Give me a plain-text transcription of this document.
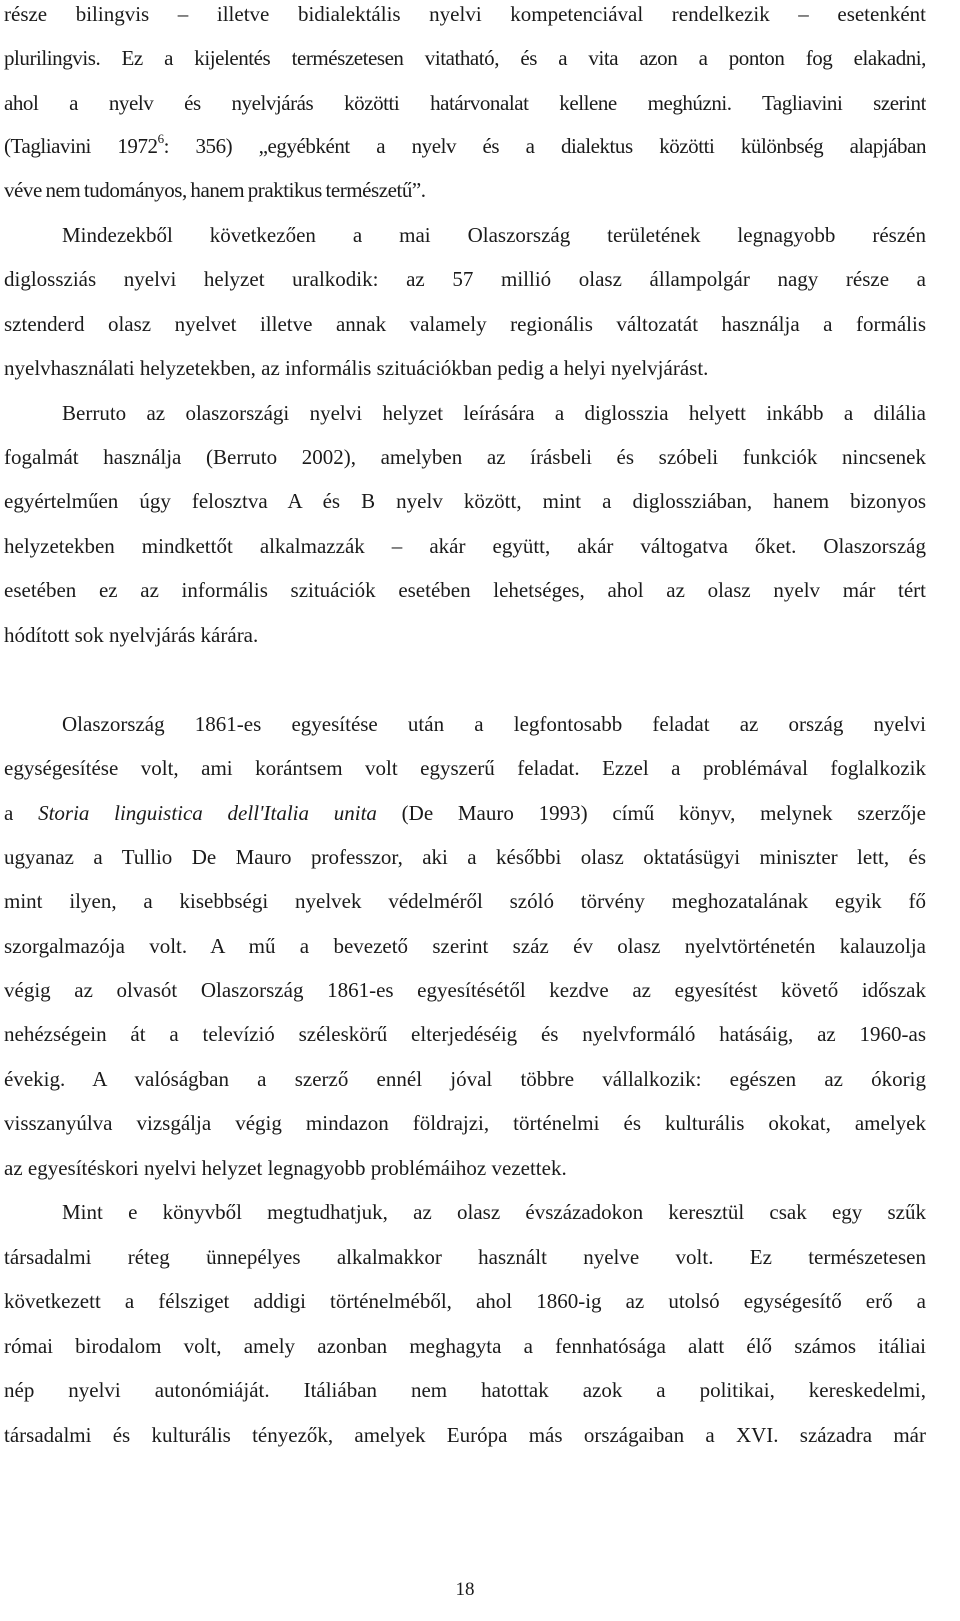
része bilingvis – illetve bidialektális nyelvi kompetenciával rendelkezik – esetenként

plurilingvis. Ez a kijelentés természetesen vitatható, és a vita azon a ponton fog elakadni,

ahol a nyelv és nyelvjárás közötti határvonalat kellene meghúzni. Tagliavini szerint

(Tagliavini 1972$^6$: 356) „egyébként a nyelv és a dialektus közötti különbség alapjában

véve nem tudományos, hanem praktikus természetű”.

Mindezekből következően a mai Olaszország területének legnagyobb részén

diglossziás nyelvi helyzet uralkodik: az 57 millió olasz állampolgár nagy része a

sztenderd olasz nyelvet illetve annak valamely regionális változatát használja a formális

nyelvhasználati helyzetekben, az informális szituációkban pedig a helyi nyelvjárást.

Berruto az olaszországi nyelvi helyzet leírására a diglosszia helyett inkább a dilália

fogalmát használja (Berruto 2002), amelyben az írásbeli és szóbeli funkciók nincsenek

egyértelműen úgy felosztva A és B nyelv között, mint a diglossziában, hanem bizonyos

helyzetekben mindkettőt alkalmazzák – akár együtt, akár váltogatva őket. Olaszország

esetében ez az informális szituációk esetében lehetséges, ahol az olasz nyelv már tért

hódított sok nyelvjárás kárára.

Olaszország 1861-es egyesítése után a legfontosabb feladat az ország nyelvi

egységesítése volt, ami korántsem volt egyszerű feladat. Ezzel a problémával foglalkozik

a Storia linguistica dell'Italia unita (De Mauro 1993) című könyv, melynek szerzője

ugyanaz a Tullio De Mauro professzor, aki a későbbi olasz oktatásügyi miniszter lett, és

mint ilyen, a kisebbségi nyelvek védelméről szóló törvény meghozatalának egyik fő

szorgalmazója volt. A mű a bevezető szerint száz év olasz nyelvtörténetén kalauzolja

végig az olvasót Olaszország 1861-es egyesítésétől kezdve az egyesítést követő időszak

nehézségein át a televízió széleskörű elterjedéséig és nyelvformáló hatásáig, az 1960-as

évekig. A valóságban a szerző ennél jóval többre vállalkozik: egészen az ókorig

visszanyúlva vizsgálja végig mindazon földrajzi, történelmi és kulturális okokat, amelyek

az egyesítéskori nyelvi helyzet legnagyobb problémáihoz vezettek.

Mint e könyvből megtudhatjuk, az olasz évszázadokon keresztül csak egy szűk

társadalmi réteg ünnepélyes alkalmakkor használt nyelve volt. Ez természetesen

következett a félsziget addigi történelméből, ahol 1860-ig az utolsó egységesítő erő a

római birodalom volt, amely azonban meghagyta a fennhatósága alatt élő számos itáliai

nép nyelvi autonómiáját. Itáliában nem hatottak azok a politikai, kereskedelmi,

társadalmi és kulturális tényezők, amelyek Európa más országaiban a XVI. századra már

18
